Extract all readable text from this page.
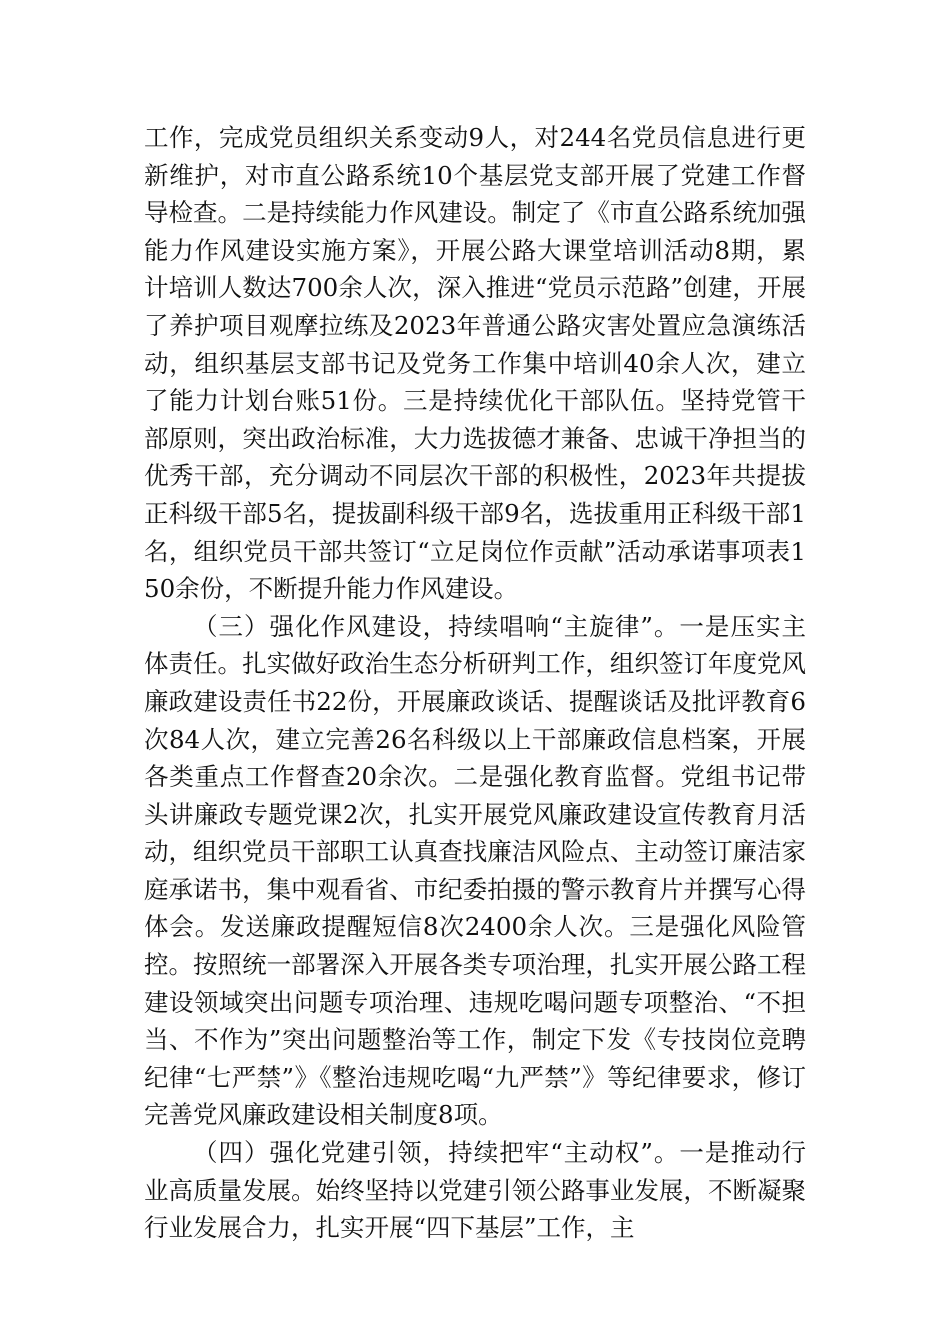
工作，完成党员组织关系变动9人，对244名党员信息进行更新维护，对市直公路系统10个基层党支部开展了党建工作督导检查。二是持续能力作风建设。制定了《市直公路系统加强能力作风建设实施方案》，开展公路大课堂培训活动8期，累计培训人数达700余人次，深入推进“党员示范路”创建，开展了养护项目观摩拉练及2023年普通公路灾害处置应急演练活动，组织基层支部书记及党务工作集中培训40余人次，建立了能力计划台账51份。三是持续优化干部队伍。坚持党管干部原则，突出政治标准，大力选拔德才兼备、忠诚干净担当的优秀干部，充分调动不同层次干部的积极性，2023年共提拔正科级干部5名，提拔副科级干部9名，选拔重用正科级干部1名，组织党员干部共签订“立足岗位作贡献”活动承诺事项表150余份，不断提升能力作风建设。

（三）强化作风建设，持续唱响“主旋律”。一是压实主体责任。扎实做好政治生态分析研判工作，组织签订年度党风廉政建设责任书22份，开展廉政谈话、提醒谈话及批评教育6次84人次，建立完善26名科级以上干部廉政信息档案，开展各类重点工作督查20余次。二是强化教育监督。党组书记带头讲廉政专题党课2次，扎实开展党风廉政建设宣传教育月活动，组织党员干部职工认真查找廉洁风险点、主动签订廉洁家庭承诺书，集中观看省、市纪委拍摄的警示教育片并撰写心得体会。发送廉政提醒短信8次2400余人次。三是强化风险管控。按照统一部署深入开展各类专项治理，扎实开展公路工程建设领域突出问题专项治理、违规吃喝问题专项整治、“不担当、不作为”突出问题整治等工作，制定下发《专技岗位竞聘纪律“七严禁”》《整治违规吃喝“九严禁”》等纪律要求，修订完善党风廉政建设相关制度8项。

（四）强化党建引领，持续把牢“主动权”。一是推动行业高质量发展。始终坚持以党建引领公路事业发展，不断凝聚行业发展合力，扎实开展“四下基层”工作，主
